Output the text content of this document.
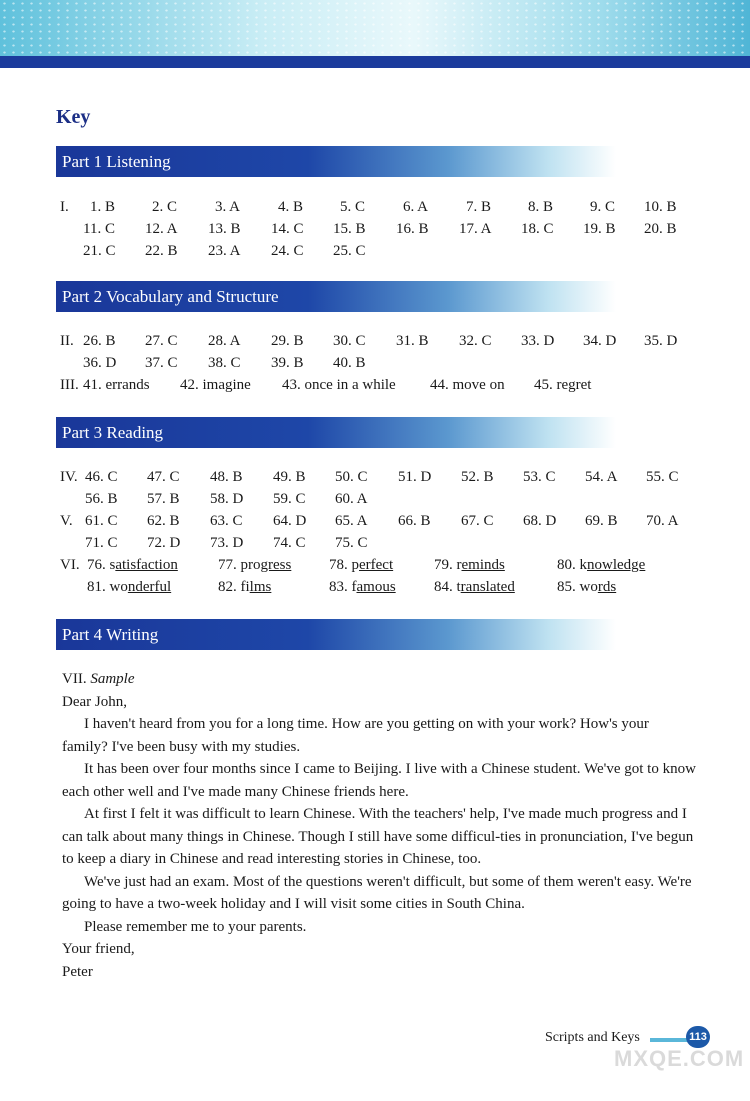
Key
Part 1 Listening
I. 1. B 2. C	3. A	4. B 5. C	6. A	7. B 8. B 9. C 10. B
11. C 12. A 13. B 14. C 15. B 16. B 17. A 18. C 19. B 20. B
21. C 22. B 23. A 24. C 25. C
Part 2 Vocabulary and Structure
II. 26. B 27. C 28. A 29. B 30. C 31. B 32. C 33. D 34. D 35. D
36. D 37. C 38. C 39. B 40. B
III. 41. errands 42. imagine 43. once in a while 44. move on 45. regret
Part 3 Reading
IV. 46. C 47. C 48. B 49. B 50. C 51. D 52. B 53. C 54. A 55. C
56. B 57. B 58. D 59. C 60. A
V. 61. C 62. B 63. C 64. D 65. A 66. B 67. C 68. D 69. B 70. A
71. C 72. D 73. D 74. C 75. C
VI. 76. satisfaction	77. progress	78. perfect	79. reminds	80. knowledge
81. wonderful	82. films	83. famous	84. translated	85. words
Part 4 Writing

VII. Sample

Dear John,

I haven't heard from you for a long time. How are you getting on with your work? How's your family? I've been busy with my studies.

It has been over four months since I came to Beijing. I live with a Chinese student. We've got to know each other well and I've made many Chinese friends here.

At first I felt it was difficult to learn Chinese. With the teachers' help, I've made much progress and I can talk about many things in Chinese. Though I still have some difficul-ties in pronunciation, I've begun to keep a diary in Chinese and read interesting stories in Chinese, too.

We've just had an exam. Most of the questions weren't difficult, but some of them weren't easy. We're going to have a two-week holiday and I will visit some cities in South China.

Please remember me to your parents.

Your friend,

Peter

Scripts and Keys	113
MXQE.COM
